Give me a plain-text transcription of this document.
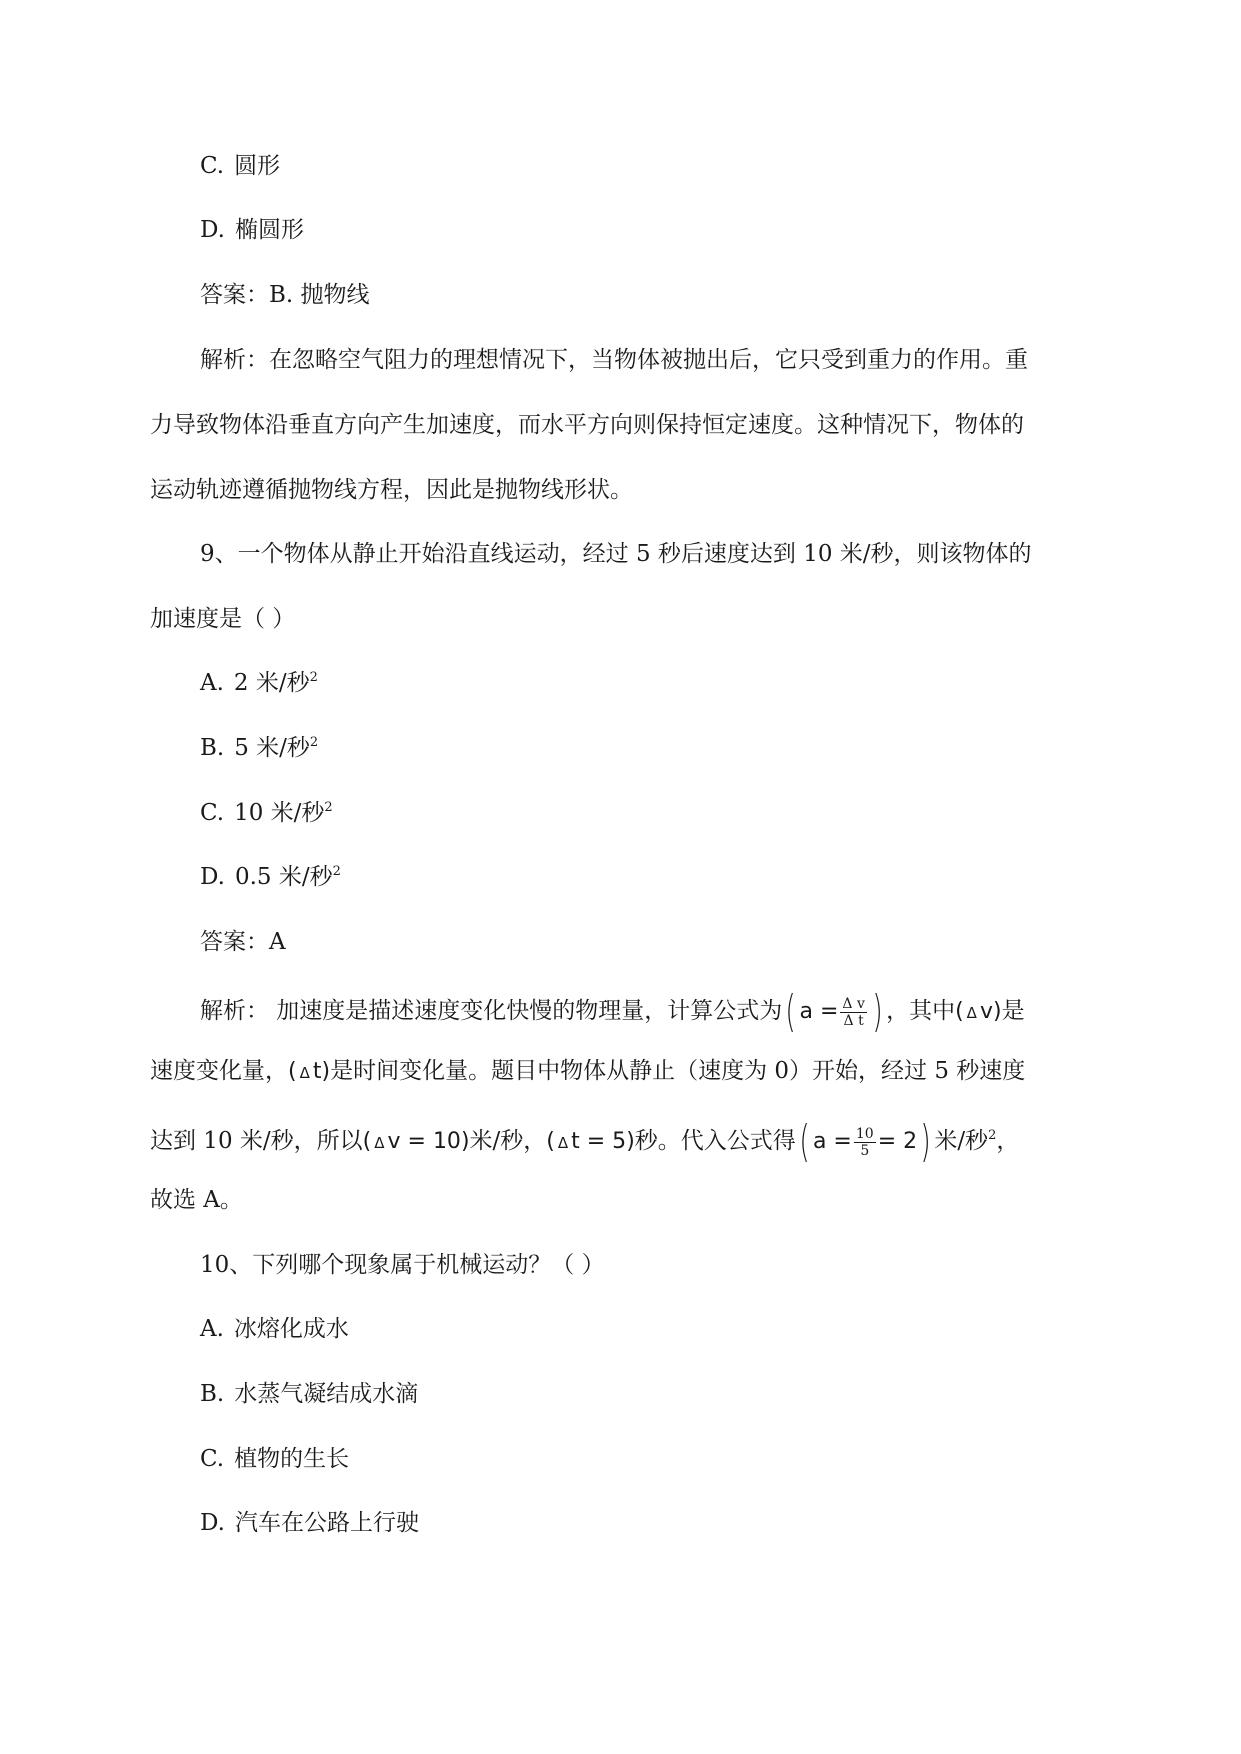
C. 圆形
D. 椭圆形
答案：B. 抛物线
解析：在忽略空气阻力的理想情况下，当物体被抛出后，它只受到重力的作用。重
力导致物体沿垂直方向产生加速度，而水平方向则保持恒定速度。这种情况下，物体的
运动轨迹遵循抛物线方程，因此是抛物线形状。
9、一个物体从静止开始沿直线运动，经过 5 秒后速度达到 10 米/秒，则该物体的
加速度是（ ）
A. 2 米/秒$^2$
B. 5 米/秒$^2$
C. 10 米/秒$^2$
D. 0.5 米/秒$^2$
答案：A
解析： 加速度是描述速度变化快慢的物理量，计算公式为( $a = \frac{\text{Δ v}}{\text{Δ t}}$ ) ，其中( Δ v)是
速度变化量，( Δ t)是时间变化量。题目中物体从静止（速度为 0）开始，经过 5 秒速度
达到 10 米/秒，所以( Δ v = 10)米/秒，( Δ t = 5)秒。代入公式得( $a = \frac{10}{5} = 2$) 米/秒$^2$，
故选 A。
10、下列哪个现象属于机械运动？（ ）
A. 冰熔化成水
B. 水蒸气凝结成水滴
C. 植物的生长
D. 汽车在公路上行驶
